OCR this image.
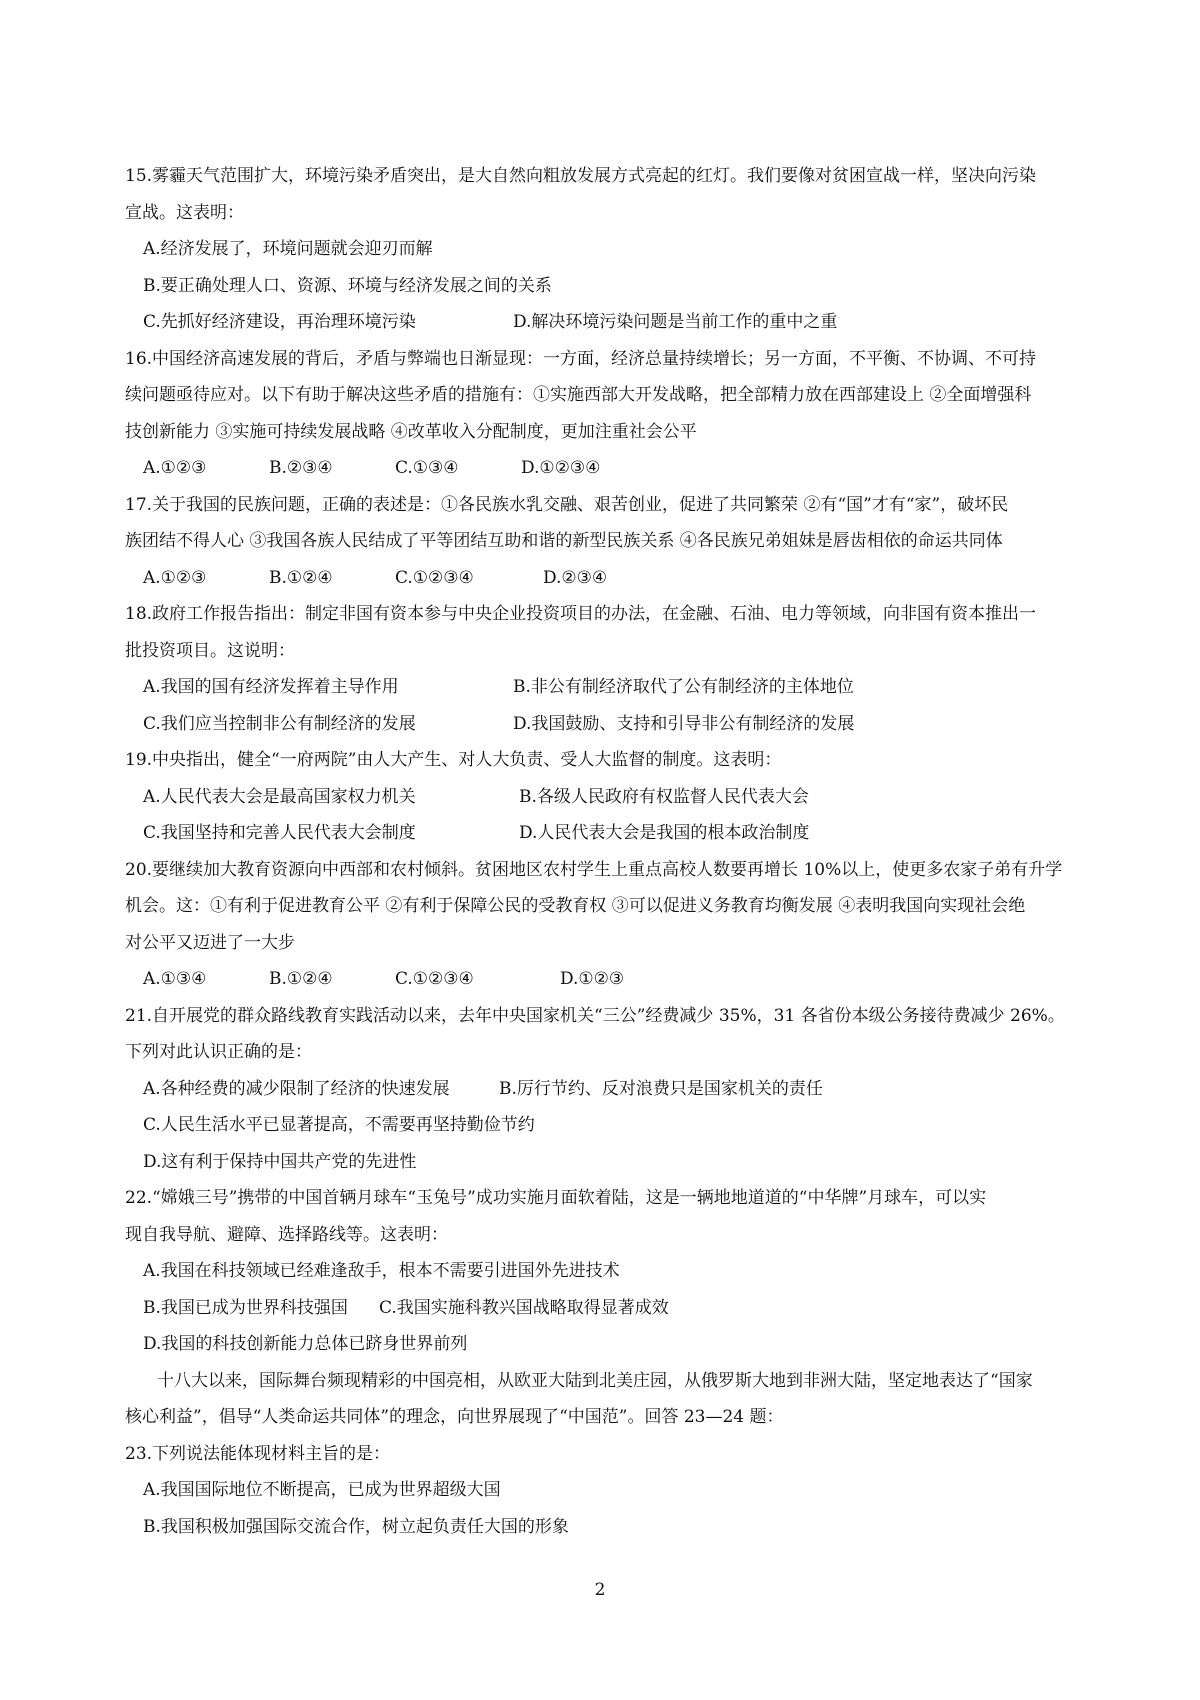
15.雾霾天气范围扩大，环境污染矛盾突出，是大自然向粗放发展方式亮起的红灯。我们要像对贫困宣战一样，坚决向污染
宣战。这表明：
A.经济发展了，环境问题就会迎刃而解
B.要正确处理人口、资源、环境与经济发展之间的关系
C.先抓好经济建设，再治理环境污染	D.解决环境污染问题是当前工作的重中之重
16.中国经济高速发展的背后，矛盾与弊端也日渐显现：一方面，经济总量持续增长；另一方面，不平衡、不协调、不可持
续问题亟待应对。以下有助于解决这些矛盾的措施有：①实施西部大开发战略，把全部精力放在西部建设上 ②全面增强科
技创新能力 ③实施可持续发展战略 ④改革收入分配制度，更加注重社会公平
A.①②③	B.②③④	C.①③④	D.①②③④
17.关于我国的民族问题，正确的表述是：①各民族水乳交融、艰苦创业，促进了共同繁荣 ②有“国”才有“家”，破坏民
族团结不得人心 ③我国各族人民结成了平等团结互助和谐的新型民族关系 ④各民族兄弟姐妹是唇齿相依的命运共同体
A.①②③	B.①②④	C.①②③④	D.②③④
18.政府工作报告指出：制定非国有资本参与中央企业投资项目的办法，在金融、石油、电力等领域，向非国有资本推出一
批投资项目。这说明：
A.我国的国有经济发挥着主导作用	B.非公有制经济取代了公有制经济的主体地位
C.我们应当控制非公有制经济的发展	D.我国鼓励、支持和引导非公有制经济的发展
19.中央指出，健全“一府两院”由人大产生、对人大负责、受人大监督的制度。这表明：
A.人民代表大会是最高国家权力机关	B.各级人民政府有权监督人民代表大会
C.我国坚持和完善人民代表大会制度	D.人民代表大会是我国的根本政治制度
20.要继续加大教育资源向中西部和农村倾斜。贫困地区农村学生上重点高校人数要再增长 10%以上，使更多农家子弟有升学
机会。这：①有利于促进教育公平 ②有利于保障公民的受教育权 ③可以促进义务教育均衡发展 ④表明我国向实现社会绝
对公平又迈进了一大步
A.①③④	B.①②④	C.①②③④	D.①②③
21.自开展党的群众路线教育实践活动以来，去年中央国家机关“三公”经费减少 35%，31 各省份本级公务接待费减少 26%。
下列对此认识正确的是：
A.各种经费的减少限制了经济的快速发展	B.厉行节约、反对浪费只是国家机关的责任
C.人民生活水平已显著提高，不需要再坚持勤俭节约
D.这有利于保持中国共产党的先进性
22.“嫦娥三号”携带的中国首辆月球车“玉兔号”成功实施月面软着陆，这是一辆地地道道的“中华牌”月球车，可以实
现自我导航、避障、选择路线等。这表明：
A.我国在科技领域已经难逢敌手，根本不需要引进国外先进技术
B.我国已成为世界科技强国 C.我国实施科教兴国战略取得显著成效
D.我国的科技创新能力总体已跻身世界前列
十八大以来，国际舞台频现精彩的中国亮相，从欧亚大陆到北美庄园，从俄罗斯大地到非洲大陆，坚定地表达了“国家
核心利益”，倡导“人类命运共同体”的理念，向世界展现了“中国范”。回答 23—24 题：
23.下列说法能体现材料主旨的是：
A.我国国际地位不断提高，已成为世界超级大国
B.我国积极加强国际交流合作，树立起负责任大国的形象
2
